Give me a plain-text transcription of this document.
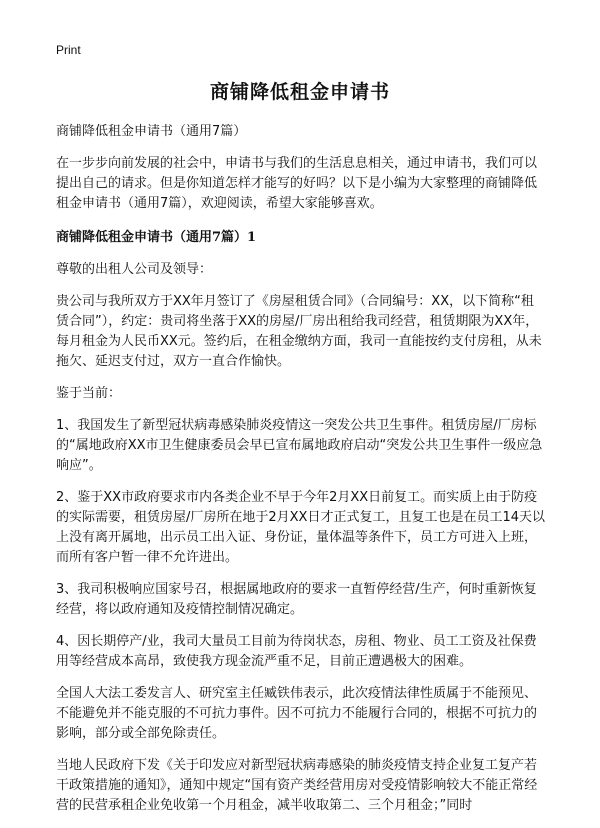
Print
商铺降低租金申请书
商铺降低租金申请书（通用7篇）
在一步步向前发展的社会中，申请书与我们的生活息息相关，通过申请书，我们可以提出自己的请求。但是你知道怎样才能写的好吗？以下是小编为大家整理的商铺降低租金申请书（通用7篇），欢迎阅读，希望大家能够喜欢。
商铺降低租金申请书（通用7篇）1
尊敬的出租人公司及领导：
贵公司与我所双方于XX年月签订了《房屋租赁合同》（合同编号：XX，以下简称“租赁合同”），约定：贵司将坐落于XX的房屋/厂房出租给我司经营，租赁期限为XX年，每月租金为人民币XX元。签约后，在租金缴纳方面，我司一直能按约支付房租，从未拖欠、延迟支付过，双方一直合作愉快。
鉴于当前：
1、我国发生了新型冠状病毒感染肺炎疫情这一突发公共卫生事件。租赁房屋/厂房标的“属地政府XX市卫生健康委员会早已宣布属地政府启动“突发公共卫生事件一级应急响应”。
2、鉴于XX市政府要求市内各类企业不早于今年2月XX日前复工。而实质上由于防疫的实际需要，租赁房屋/厂房所在地于2月XX日才正式复工，且复工也是在员工14天以上没有离开属地，出示员工出入证、身份证，量体温等条件下，员工方可进入上班，而所有客户暂一律不允许进出。
3、我司积极响应国家号召，根据属地政府的要求一直暂停经营/生产，何时重新恢复经营，将以政府通知及疫情控制情况确定。
4、因长期停产/业，我司大量员工目前为待岗状态，房租、物业、员工工资及社保费用等经营成本高昂，致使我方现金流严重不足，目前正遭遇极大的困难。
全国人大法工委发言人、研究室主任臧铁伟表示，此次疫情法律性质属于不能预见、不能避免并不能克服的不可抗力事件。因不可抗力不能履行合同的，根据不可抗力的影响，部分或全部免除责任。
当地人民政府下发《关于印发应对新型冠状病毒感染的肺炎疫情支持企业复工复产若干政策措施的通知》，通知中规定“国有资产类经营用房对受疫情影响较大不能正常经营的民营承租企业免收第一个月租金，减半收取第二、三个月租金；”同时
